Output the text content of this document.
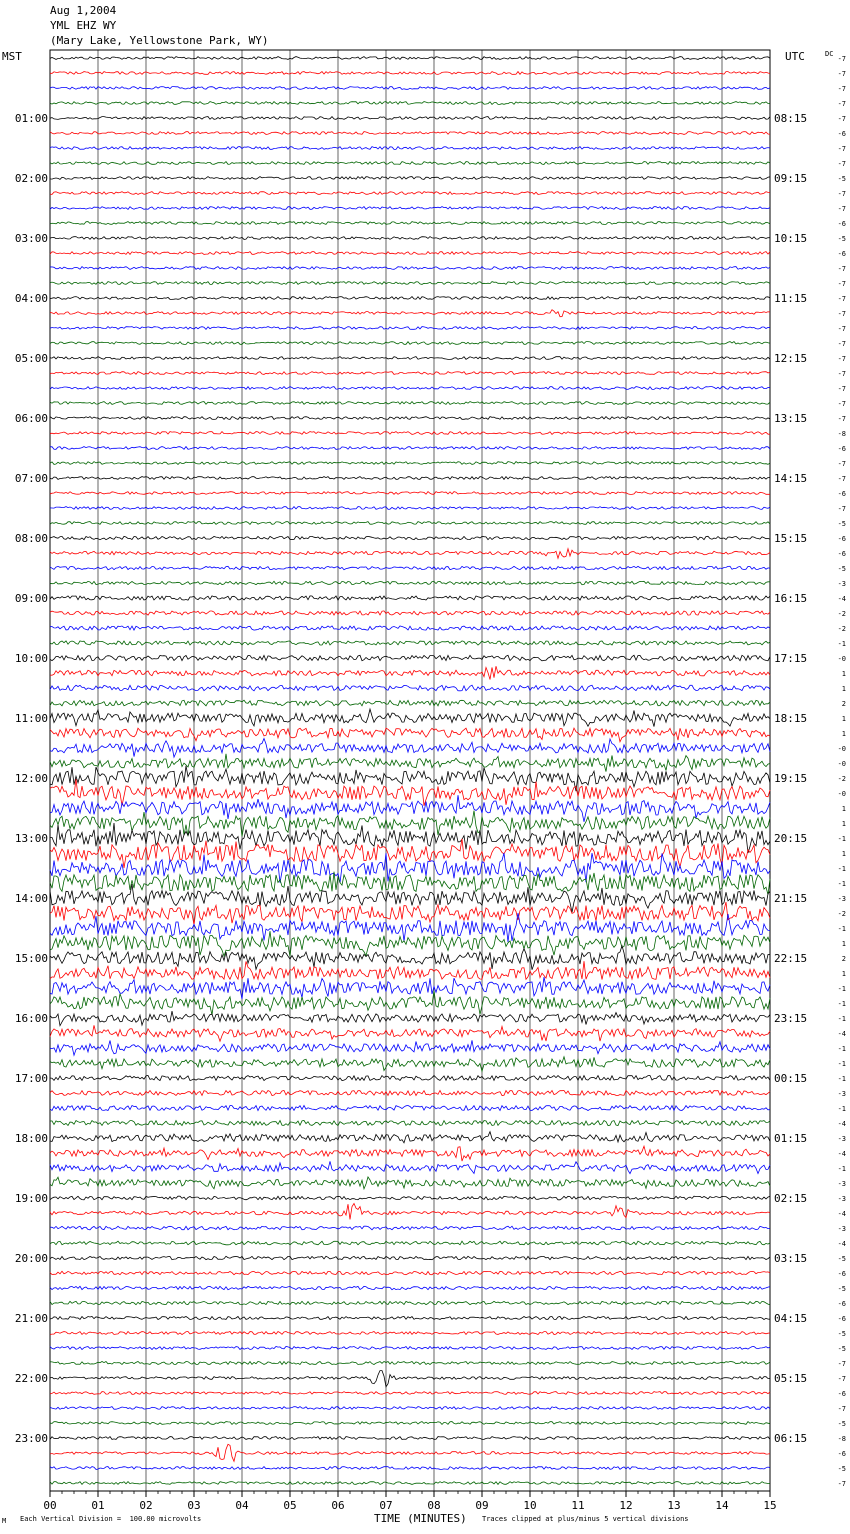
Aug 1,2004
YML EHZ WY
(Mary Lake, Yellowstone Park, WY)
MST	UTC	DC
00	01	02	03	04	05	06	07	08	09	10	11	12	13	14	15
-7
-7
-7
-7
-7
-6
-7
-7
-5
-7
-7
-6
-5
-6
-7
-7
-7
-7
-7
-7
-7
-7
-7
-7
-7
-8
-6
-7
-7
-6
-7
-5
-6
-6
-5
-3
-4
-2
-2
-1
-0
1
1
2
1
1
-0
-0
-2
-0
1
1
-1
1
-1
-1
-3
-2
-1
1
2
1
-1
-1
-1
-4
-1
-1
-1
-3
-1
-4
-3
-4
-1
-3
-3
-4
-3
-4
-5
-6
-5
-6
-6
-5
-5
-7
-7
-6
-7
-5
-8
-6
-5
-7
01:00	08:15
02:00	09:15
03:00	10:15
04:00	11:15
05:00	12:15
06:00	13:15
07:00	14:15
08:00	15:15
09:00	16:15
10:00	17:15
11:00	18:15
12:00	19:15
13:00	20:15
14:00	21:15
15:00	22:15
16:00	23:15
17:00	00:15
18:00	01:15
19:00	02:15
20:00	03:15
21:00	04:15
22:00	05:15
23:00	06:15
M Each Vertical Division =  100.00 microvolts	TIME (MINUTES) Traces clipped at plus/minus 5 vertical divisions
